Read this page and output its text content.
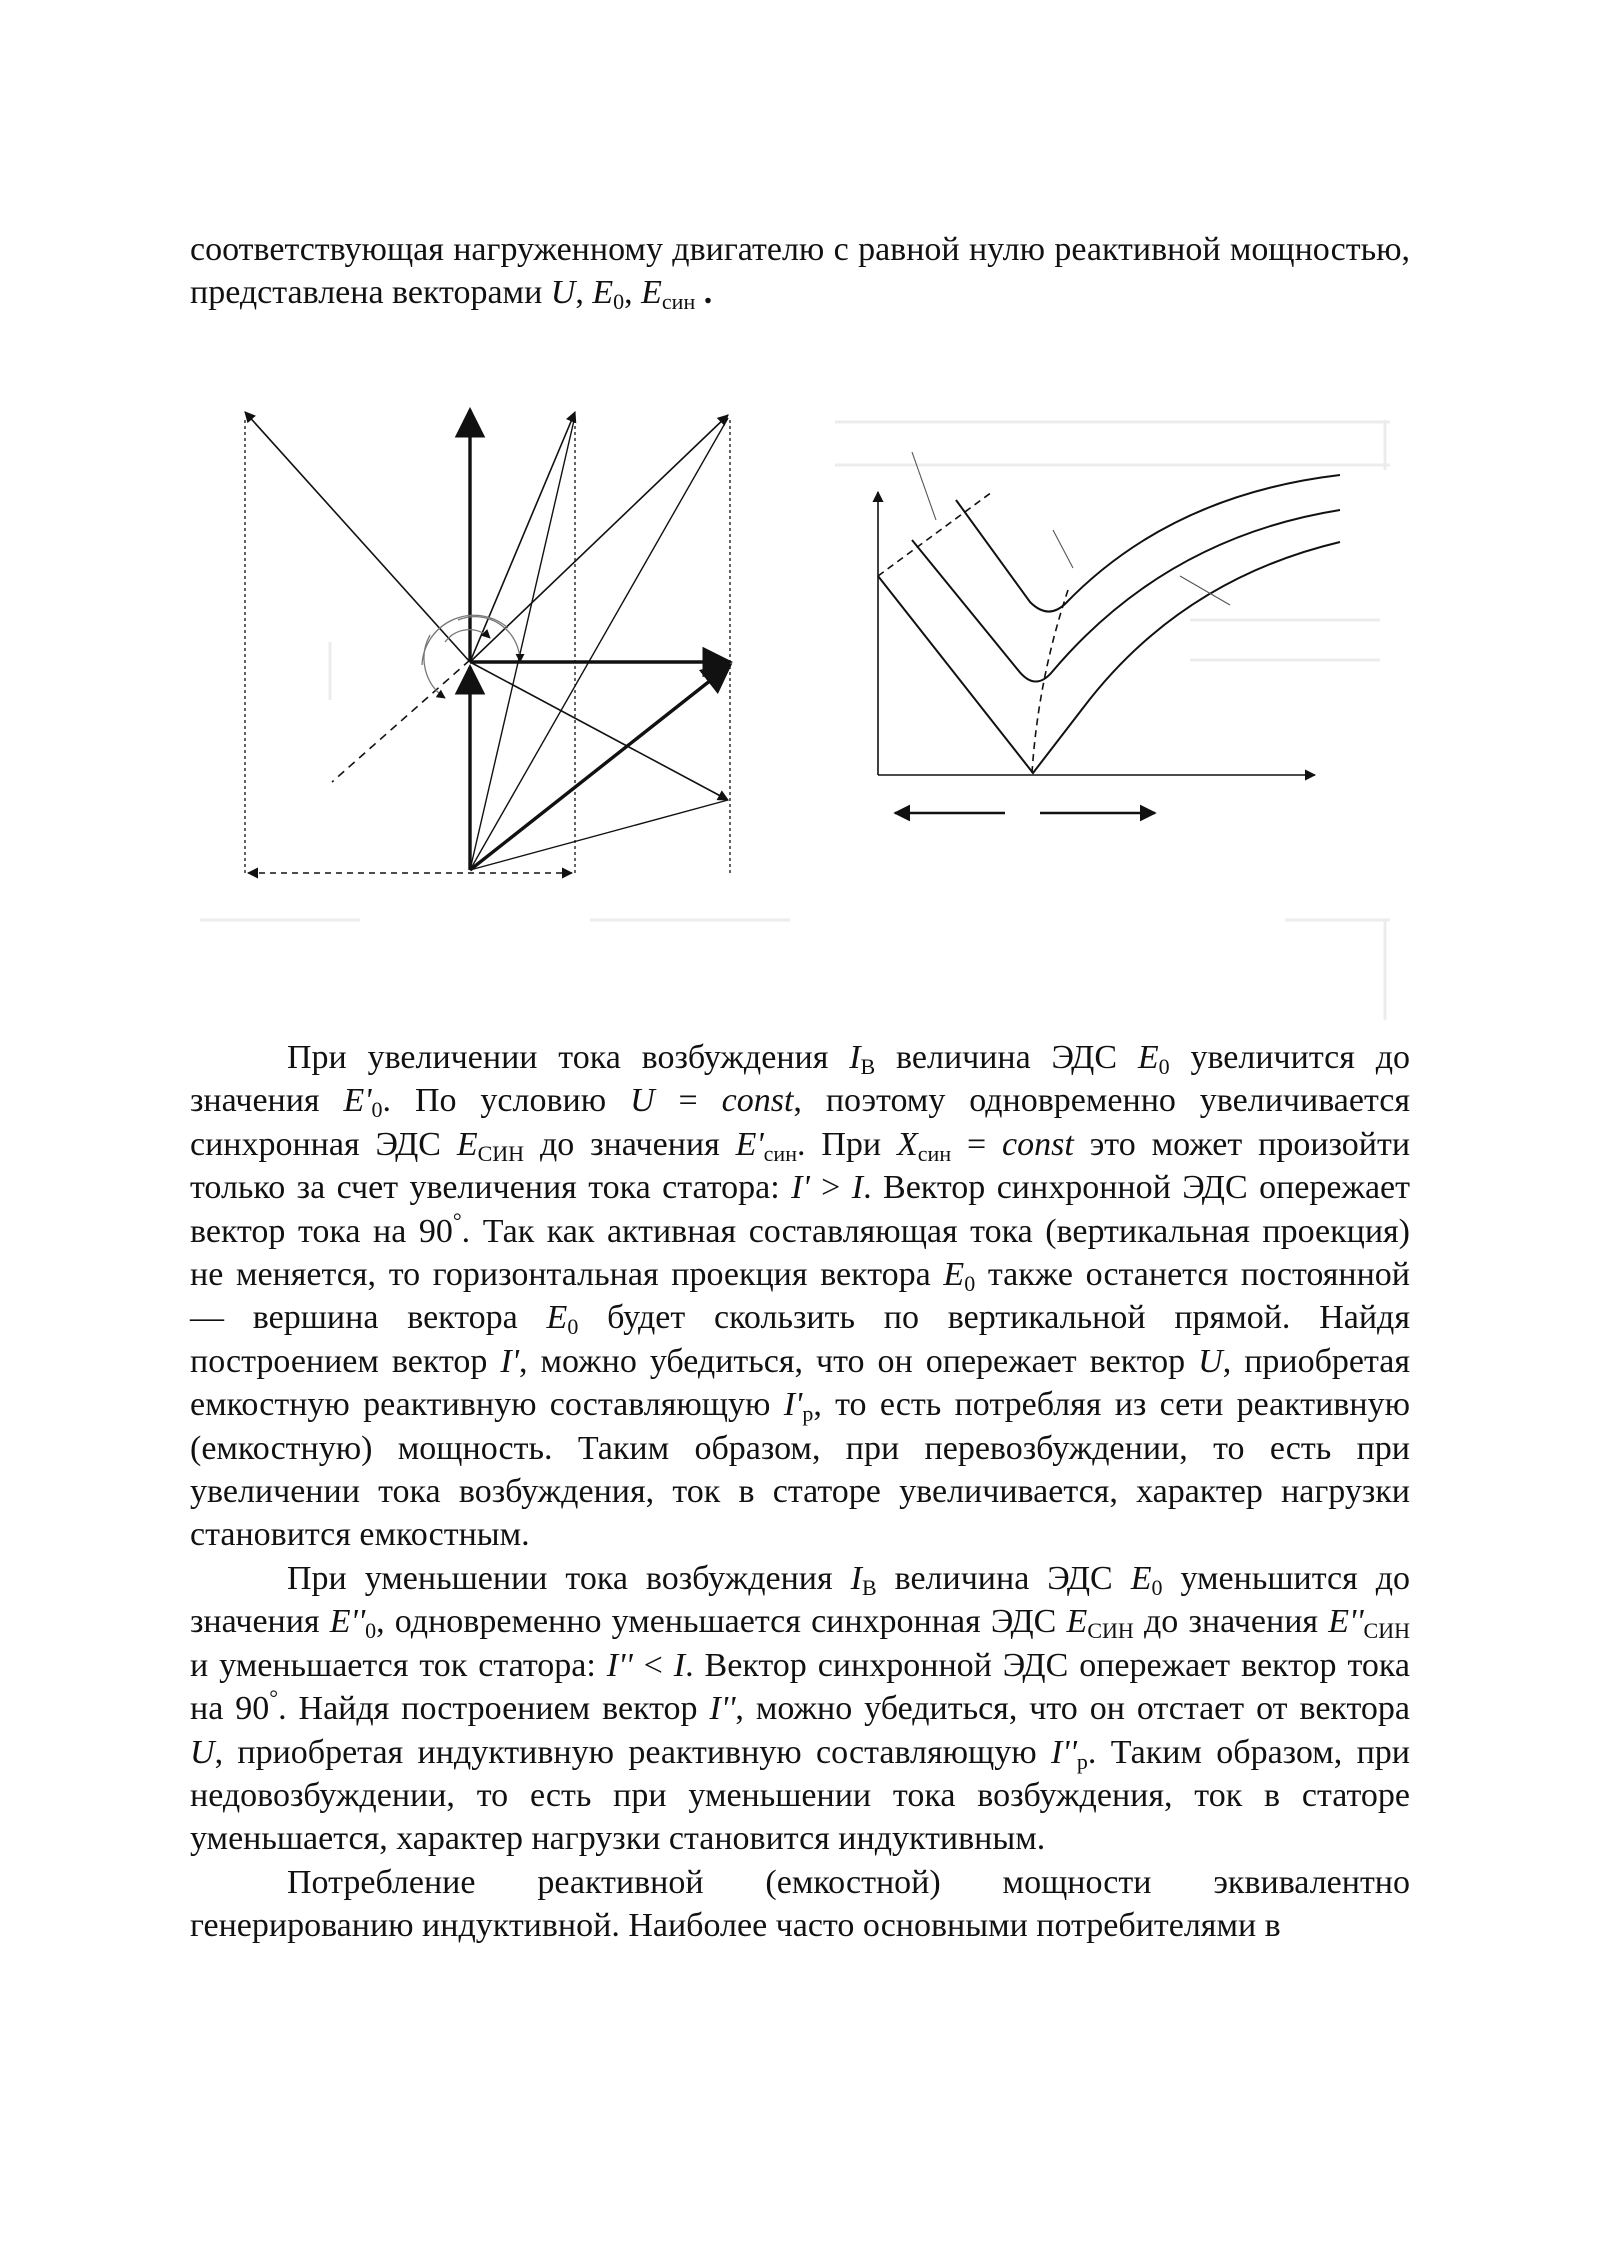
соответствующая нагруженному двигателю с равной нулю реактивной мощностью, представлена векторами U, $E_0$, $E_{син}$ .

При увеличении тока возбуждения $I_В$ величина ЭДС $E_0$ увеличится до значения $E'_0$. По условию U = const, поэтому одновременно увеличивается синхронная ЭДС $E_{СИН}$ до значения $E'_{син}$. При $X_{син}$ = const это может произойти только за счет увеличения тока статора: I' > I. Вектор синхронной ЭДС опережает вектор тока на 90°. Так как активная составляющая тока (вертикальная проекция) не меняется, то горизонтальная проекция вектора $E_0$ также останется постоянной — вершина вектора $E_0$ будет скользить по вертикальной прямой. Найдя построением вектор I', можно убедиться, что он опережает вектор U, приобретая емкостную реактивную составляющую $I'_р$, то есть потребляя из сети реактивную (емкостную) мощность. Таким образом, при перевозбуждении, то есть при увеличении тока возбуждения, ток в статоре увеличивается, характер нагрузки становится емкостным.

При уменьшении тока возбуждения $I_В$ величина ЭДС $E_0$ уменьшится до значения $E''_0$, одновременно уменьшается синхронная ЭДС $E_{СИН}$ до значения $E''_{СИН}$ и уменьшается ток статора: I'' < I. Вектор синхронной ЭДС опережает вектор тока на 90°. Найдя построением вектор I'', можно убедиться, что он отстает от вектора U, приобретая индуктивную реактивную составляющую $I''_р$. Таким образом, при недовозбуждении, то есть при уменьшении тока возбуждения, ток в статоре уменьшается, характер нагрузки становится индуктивным.

Потребление реактивной (емкостной) мощности эквивалентно генерированию индуктивной. Наиболее часто основными потребителями в
